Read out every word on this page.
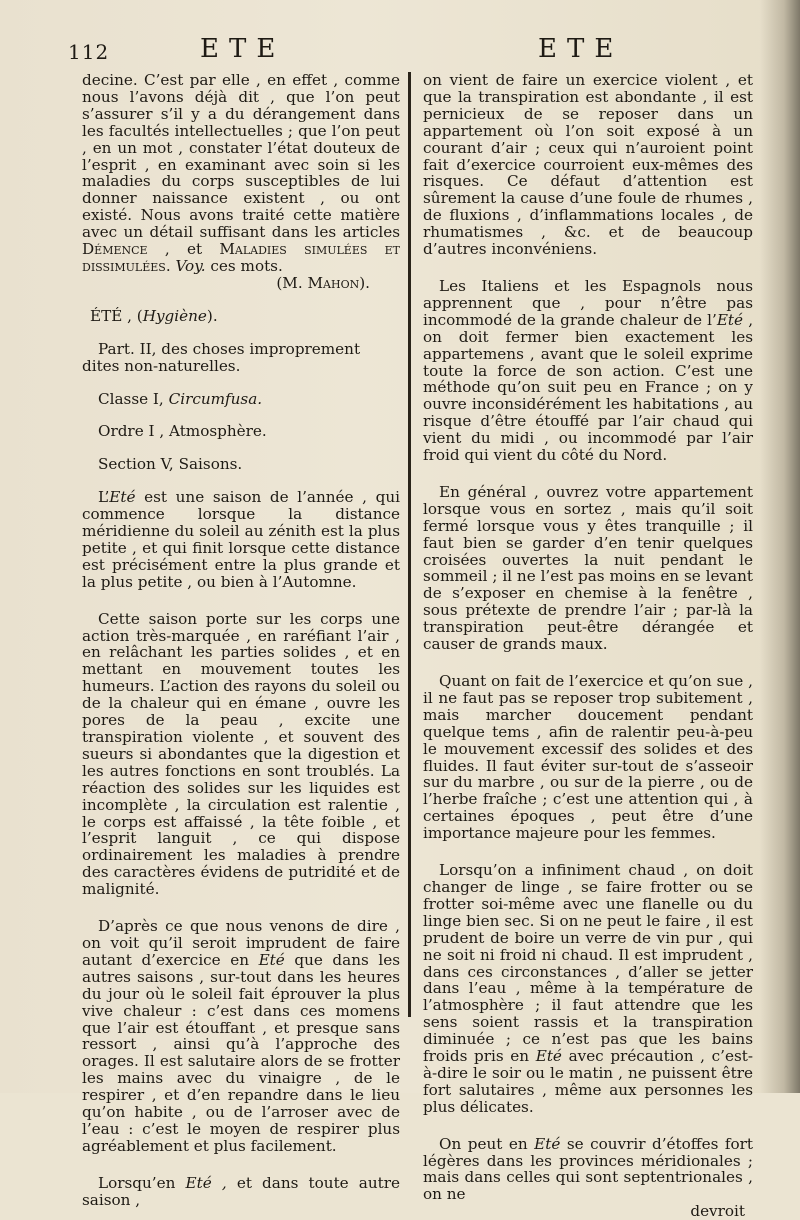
112	ETE	ETE

decine. C’est par elle , en effet , comme nous l’avons déjà dit , que l’on peut s’assurer s’il y a du dérangement dans les facultés intellectuelles ; que l’on peut , en un mot , constater l’état douteux de l’esprit , en examinant avec soin si les maladies du corps susceptibles de lui donner naissance existent , ou ont existé. Nous avons traité cette matière avec un détail suffisant dans les articles Démence , et Maladies simulées et dissimulées. Voy. ces mots.

(M. Mahon).

ÉTÉ , (Hygiène).

Part. II, des choses improprement dites non-naturelles.

Classe I, Circumfusa.

Ordre I , Atmosphère.

Section V, Saisons.

L’Eté est une saison de l’année , qui commence lorsque la distance méridienne du soleil au zénith est la plus petite , et qui finit lorsque cette distance est précisément entre la plus grande et la plus petite , ou bien à l’Automne.

Cette saison porte sur les corps une action très-marquée , en raréfiant l’air , en relâchant les parties solides , et en mettant en mouvement toutes les humeurs. L’action des rayons du soleil ou de la chaleur qui en émane , ouvre les pores de la peau , excite une transpiration violente , et souvent des sueurs si abondantes que la digestion et les autres fonctions en sont troublés. La réaction des solides sur les liquides est incomplète , la circulation est ralentie , le corps est affaissé , la tête foible , et l’esprit languit , ce qui dispose ordinairement les maladies à prendre des caractères évidens de putridité et de malignité.

D’après ce que nous venons de dire , on voit qu’il seroit imprudent de faire autant d’exercice en Eté que dans les autres saisons , sur-tout dans les heures du jour où le soleil fait éprouver la plus vive chaleur : c’est dans ces momens que l’air est étouffant , et presque sans ressort , ainsi qu’à l’approche des orages. Il est salutaire alors de se frotter les mains avec du vinaigre , de le respirer , et d’en repandre dans le lieu qu’on habite , ou de l’arroser avec de l’eau : c’est le moyen de respirer plus agréablement et plus facilement.

Lorsqu’en Eté , et dans toute autre saison ,

on vient de faire un exercice violent , et que la transpiration est abondante , il est pernicieux de se reposer dans un appartement où l’on soit exposé à un courant d’air ; ceux qui n’auroient point fait d’exercice courroient eux-mêmes des risques. Ce défaut d’attention est sûrement la cause d’une foule de rhumes , de fluxions , d’inflammations locales , de rhumatismes , &c. et de beaucoup d’autres inconvéniens.

Les Italiens et les Espagnols nous apprennent que , pour n’être pas incommodé de la grande chaleur de l’Eté , on doit fermer bien exactement les appartemens , avant que le soleil exprime toute la force de son action. C’est une méthode qu’on suit peu en France ; on y ouvre inconsidérément les habitations , au risque d’être étouffé par l’air chaud qui vient du midi , ou incommodé par l’air froid qui vient du côté du Nord.

En général , ouvrez votre appartement lorsque vous en sortez , mais qu’il soit fermé lorsque vous y êtes tranquille ; il faut bien se garder d’en tenir quelques croisées ouvertes la nuit pendant le sommeil ; il ne l’est pas moins en se levant de s’exposer en chemise à la fenêtre , sous prétexte de prendre l’air ; par-là la transpiration peut-être dérangée et causer de grands maux.

Quant on fait de l’exercice et qu’on sue , il ne faut pas se reposer trop subitement , mais marcher doucement pendant quelque tems , afin de ralentir peu-à-peu le mouvement excessif des solides et des fluides. Il faut éviter sur-tout de s’asseoir sur du marbre , ou sur de la pierre , ou de l’herbe fraîche ; c’est une attention qui , à certaines époques , peut être d’une importance majeure pour les femmes.

Lorsqu’on a infiniment chaud , on doit changer de linge , se faire frotter ou se frotter soi-même avec une flanelle ou du linge bien sec. Si on ne peut le faire , il est prudent de boire un verre de vin pur , qui ne soit ni froid ni chaud. Il est imprudent , dans ces circonstances , d’aller se jetter dans l’eau , même à la température de l’atmosphère ; il faut attendre que les sens soient rassis et la transpiration diminuée ; ce n’est pas que les bains froids pris en Eté avec précaution , c’est-à-dire le soir ou le matin , ne puissent être fort salutaires , même aux personnes les plus délicates.

On peut en Eté se couvrir d’étoffes fort légères dans les provinces méridionales ; mais dans celles qui sont septentrionales , on ne

devroit
